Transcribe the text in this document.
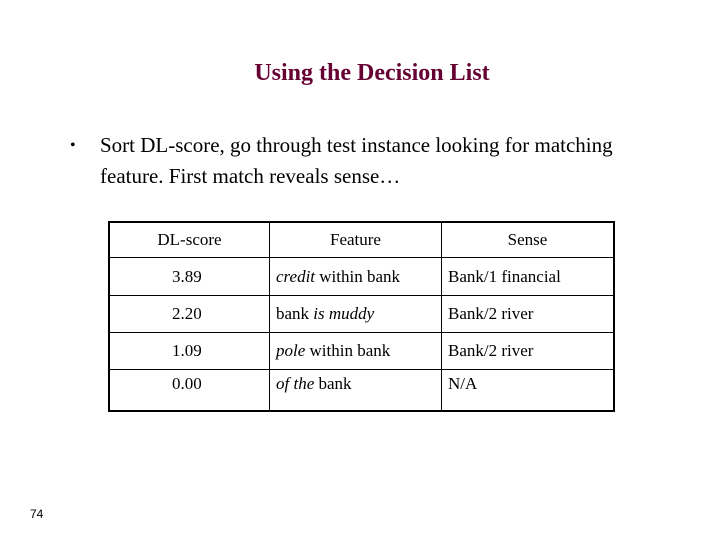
Using the Decision List
• Sort DL-score, go through test instance looking for matching feature. First match reveals sense…
DL-score	Feature	Sense
3.89	credit within bank	Bank/1 financial
2.20	bank is muddy	Bank/2 river
1.09	pole within bank	Bank/2 river
0.00	of the bank	N/A
74
